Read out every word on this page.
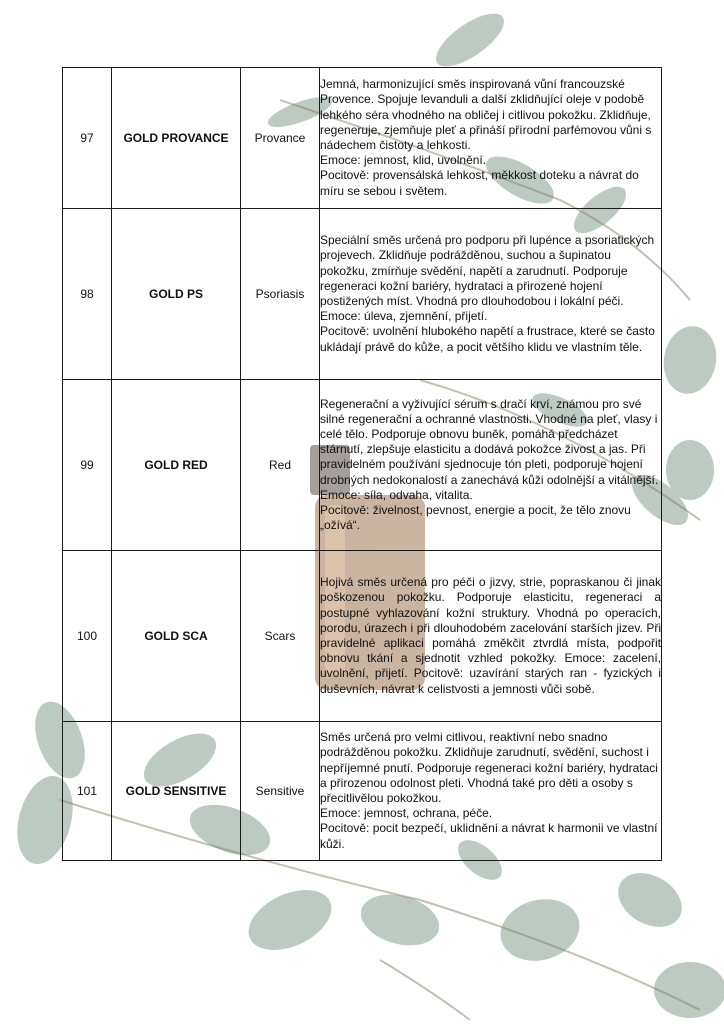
97	GOLD PROVANCE	Provance	Jemná, harmonizující směs inspirovaná vůní francouzské Provence. Spojuje levanduli a další zklidňující oleje v podobě lehkého séra vhodného na obličej i citlivou pokožku. Zklidňuje, regeneruje, zjemňuje pleť a přináší přírodní parfémovou vůni s nádechem čistoty a lehkosti.

Emoce: jemnost, klid, uvolnění.

Pocitově: provensálská lehkost, měkkost doteku a návrat do míru se sebou i světem.

98	GOLD PS	Psoriasis	Speciální směs určená pro podporu při lupénce a psoriatických projevech. Zklidňuje podrážděnou, suchou a šupinatou pokožku, zmírňuje svědění, napětí a zarudnutí. Podporuje regeneraci kožní bariéry, hydrataci a přirozené hojení postižených míst. Vhodná pro dlouhodobou i lokální péči.

Emoce: úleva, zjemnění, přijetí.

Pocitově: uvolnění hlubokého napětí a frustrace, které se často ukládají právě do kůže, a pocit většího klidu ve vlastním těle.

99	GOLD RED	Red	Regenerační a vyživující sérum s dračí krví, známou pro své silné regenerační a ochranné vlastnosti. Vhodné na pleť, vlasy i celé tělo. Podporuje obnovu buněk, pomáhá předcházet stárnutí, zlepšuje elasticitu a dodává pokožce živost a jas. Při pravidelném používání sjednocuje tón pleti, podporuje hojení drobných nedokonalostí a zanechává kůži odolnější a vitálnější.

Emoce: síla, odvaha, vitalita.

Pocitově: živelnost, pevnost, energie a pocit, že tělo znovu „ožívá“.

100	GOLD SCA	Scars	Hojivá směs určená pro péči o jizvy, strie, popraskanou či jinak poškozenou pokožku. Podporuje elasticitu, regeneraci a postupné vyhlazování kožní struktury. Vhodná po operacích, porodu, úrazech i při dlouhodobém zacelování starších jizev. Při pravidelné aplikaci pomáhá změkčit ztvrdlá místa, podpořit obnovu tkání a sjednotit vzhled pokožky. Emoce: zacelení, uvolnění, přijetí. Pocitově: uzavírání starých ran - fyzických i duševních, návrat k celistvosti a jemnosti vůči sobě.

101	GOLD SENSITIVE	Sensitive	Směs určená pro velmi citlivou, reaktivní nebo snadno podrážděnou pokožku. Zklidňuje zarudnutí, svědění, suchost i nepříjemné pnutí. Podporuje regeneraci kožní bariéry, hydrataci a přirozenou odolnost pleti. Vhodná také pro děti a osoby s přecitlivělou pokožkou.

Emoce: jemnost, ochrana, péče.

Pocitově: pocit bezpečí, uklidnění a návrat k harmonii ve vlastní kůži.
